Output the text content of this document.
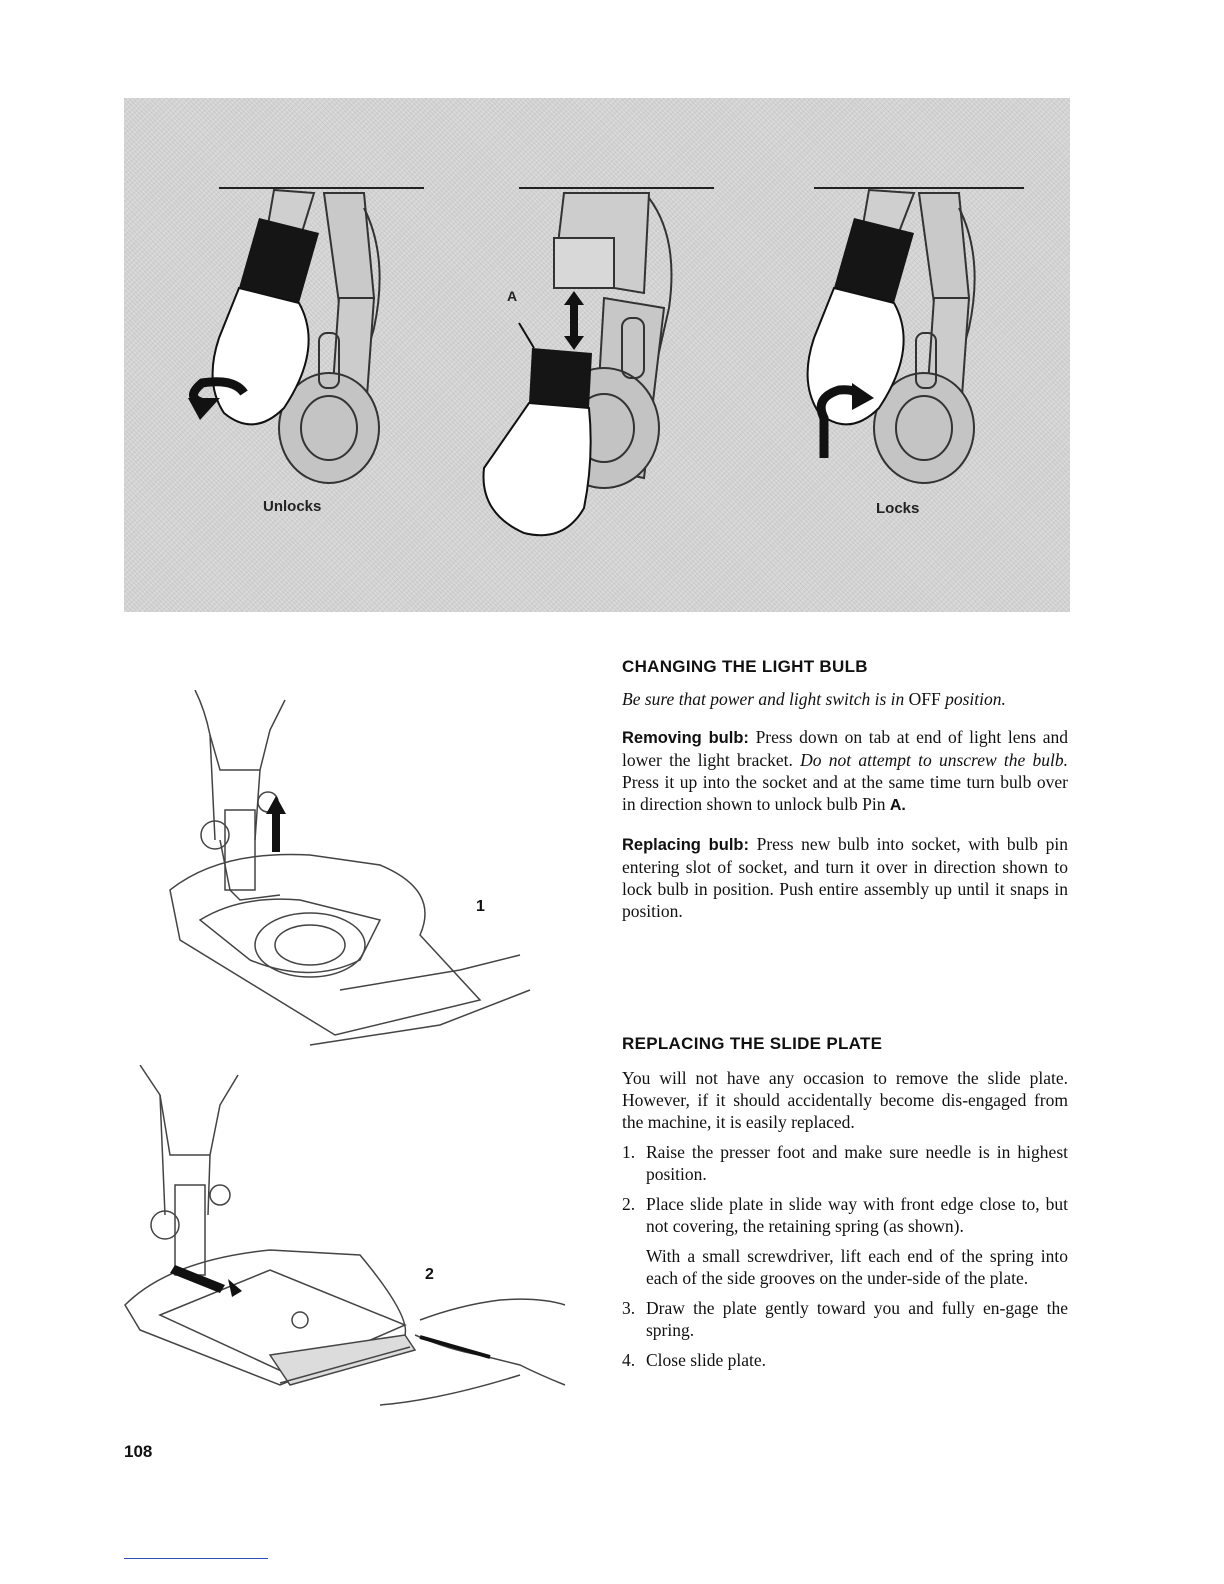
Unlocks
A
Locks
1
2
CHANGING THE LIGHT BULB

Be sure that power and light switch is in OFF position.

Removing bulb: Press down on tab at end of light lens and lower the light bracket. Do not attempt to unscrew the bulb. Press it up into the socket and at the same time turn bulb over in direction shown to unlock bulb Pin A.

Replacing bulb: Press new bulb into socket, with bulb pin entering slot of socket, and turn it over in direction shown to lock bulb in position. Push entire assembly up until it snaps in position.

REPLACING THE SLIDE PLATE

You will not have any occasion to remove the slide plate. However, if it should accidentally become dis-engaged from the machine, it is easily replaced.

1. Raise the presser foot and make sure needle is in highest position.
2. Place slide plate in slide way with front edge close to, but not covering, the retaining spring (as shown).

With a small screwdriver, lift each end of the spring into each of the side grooves on the under-side of the plate.

3. Draw the plate gently toward you and fully en-gage the spring.
4. Close slide plate.
108
